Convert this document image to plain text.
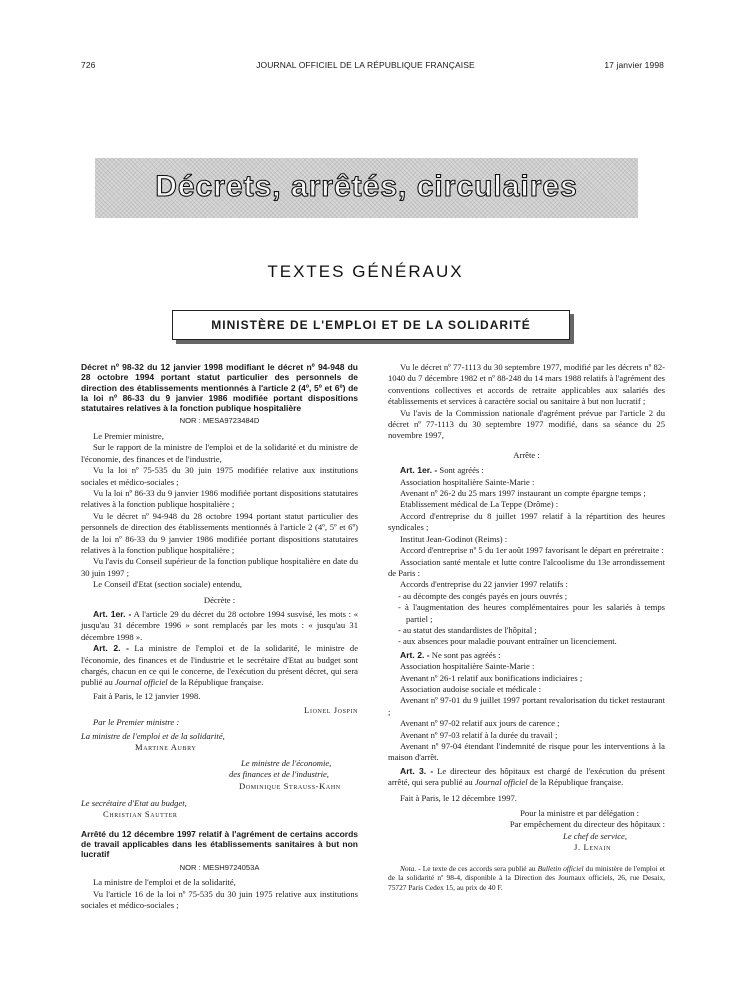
726	JOURNAL OFFICIEL DE LA RÉPUBLIQUE FRANÇAISE	17 janvier 1998
Décrets, arrêtés, circulaires
TEXTES GÉNÉRAUX
MINISTÈRE DE L'EMPLOI ET DE LA SOLIDARITÉ

Décret nº 98-32 du 12 janvier 1998 modifiant le décret nº 94-948 du 28 octobre 1994 portant statut particulier des personnels de direction des établissements mentionnés à l'article 2 (4º, 5º et 6º) de la loi nº 86-33 du 9 janvier 1986 modifiée portant dispositions statutaires relatives à la fonction publique hospitalière

NOR : MESA9723484D

Le Premier ministre,

Sur le rapport de la ministre de l'emploi et de la solidarité et du ministre de l'économie, des finances et de l'industrie,

Vu la loi nº 75-535 du 30 juin 1975 modifiée relative aux institutions sociales et médico-sociales ;

Vu la loi nº 86-33 du 9 janvier 1986 modifiée portant dispositions statutaires relatives à la fonction publique hospitalière ;

Vu le décret nº 94-948 du 28 octobre 1994 portant statut particulier des personnels de direction des établissements mentionnés à l'article 2 (4º, 5º et 6º) de la loi nº 86-33 du 9 janvier 1986 modifiée portant dispositions statutaires relatives à la fonction publique hospitalière ;

Vu l'avis du Conseil supérieur de la fonction publique hospitalière en date du 30 juin 1997 ;

Le Conseil d'Etat (section sociale) entendu,

Décrète :

Art. 1er. - A l'article 29 du décret du 28 octobre 1994 susvisé, les mots : « jusqu'au 31 décembre 1996 » sont remplacés par les mots : « jusqu'au 31 décembre 1998 ».

Art. 2. - La ministre de l'emploi et de la solidarité, le ministre de l'économie, des finances et de l'industrie et le secrétaire d'Etat au budget sont chargés, chacun en ce qui le concerne, de l'exécution du présent décret, qui sera publié au Journal officiel de la République française.

Fait à Paris, le 12 janvier 1998.

Lionel Jospin

Par le Premier ministre :

La ministre de l'emploi et de la solidarité,

Martine Aubry

Le ministre de l'économie,

des finances et de l'industrie,

Dominique Strauss-Kahn

Le secrétaire d'Etat au budget,

Christian Sautter

Arrêté du 12 décembre 1997 relatif à l'agrément de certains accords de travail applicables dans les établissements sanitaires à but non lucratif

NOR : MESH9724053A

La ministre de l'emploi et de la solidarité,

Vu l'article 16 de la loi nº 75-535 du 30 juin 1975 relative aux institutions sociales et médico-sociales ;

Vu le décret nº 77-1113 du 30 septembre 1977, modifié par les décrets nº 82-1040 du 7 décembre 1982 et nº 88-248 du 14 mars 1988 relatifs à l'agrément des conventions collectives et accords de retraite applicables aux salariés des établissements et services à caractère social ou sanitaire à but non lucratif ;

Vu l'avis de la Commission nationale d'agrément prévue par l'article 2 du décret nº 77-1113 du 30 septembre 1977 modifié, dans sa séance du 25 novembre 1997,

Arrête :

Art. 1er. - Sont agréés :

Association hospitalière Sainte-Marie :

Avenant nº 26-2 du 25 mars 1997 instaurant un compte épargne temps ;

Etablissement médical de La Teppe (Drôme) :

Accord d'entreprise du 8 juillet 1997 relatif à la répartition des heures syndicales ;

Institut Jean-Godinot (Reims) :

Accord d'entreprise nº 5 du 1er août 1997 favorisant le départ en préretraite :

Association santé mentale et lutte contre l'alcoolisme du 13e arrondissement de Paris :

Accords d'entreprise du 22 janvier 1997 relatifs :

- au décompte des congés payés en jours ouvrés ;

- à l'augmentation des heures complémentaires pour les salariés à temps partiel ;

- au statut des standardistes de l'hôpital ;

- aux absences pour maladie pouvant entraîner un licenciement.

Art. 2. - Ne sont pas agréés :

Association hospitalière Sainte-Marie :

Avenant nº 26-1 relatif aux bonifications indiciaires ;

Association audoise sociale et médicale :

Avenant nº 97-01 du 9 juillet 1997 portant revalorisation du ticket restaurant ;

Avenant nº 97-02 relatif aux jours de carence ;

Avenant nº 97-03 relatif à la durée du travail ;

Avenant nº 97-04 étendant l'indemnité de risque pour les interventions à la maison d'arrêt.

Art. 3. - Le directeur des hôpitaux est chargé de l'exécution du présent arrêté, qui sera publié au Journal officiel de la République française.

Fait à Paris, le 12 décembre 1997.

Pour la ministre et par délégation :

Par empêchement du directeur des hôpitaux :

Le chef de service,

J. Lenain

Nota. - Le texte de ces accords sera publié au Bulletin officiel du ministère de l'emploi et de la solidarité nº 98-4, disponible à la Direction des Journaux officiels, 26, rue Desaix, 75727 Paris Cedex 15, au prix de 40 F.
